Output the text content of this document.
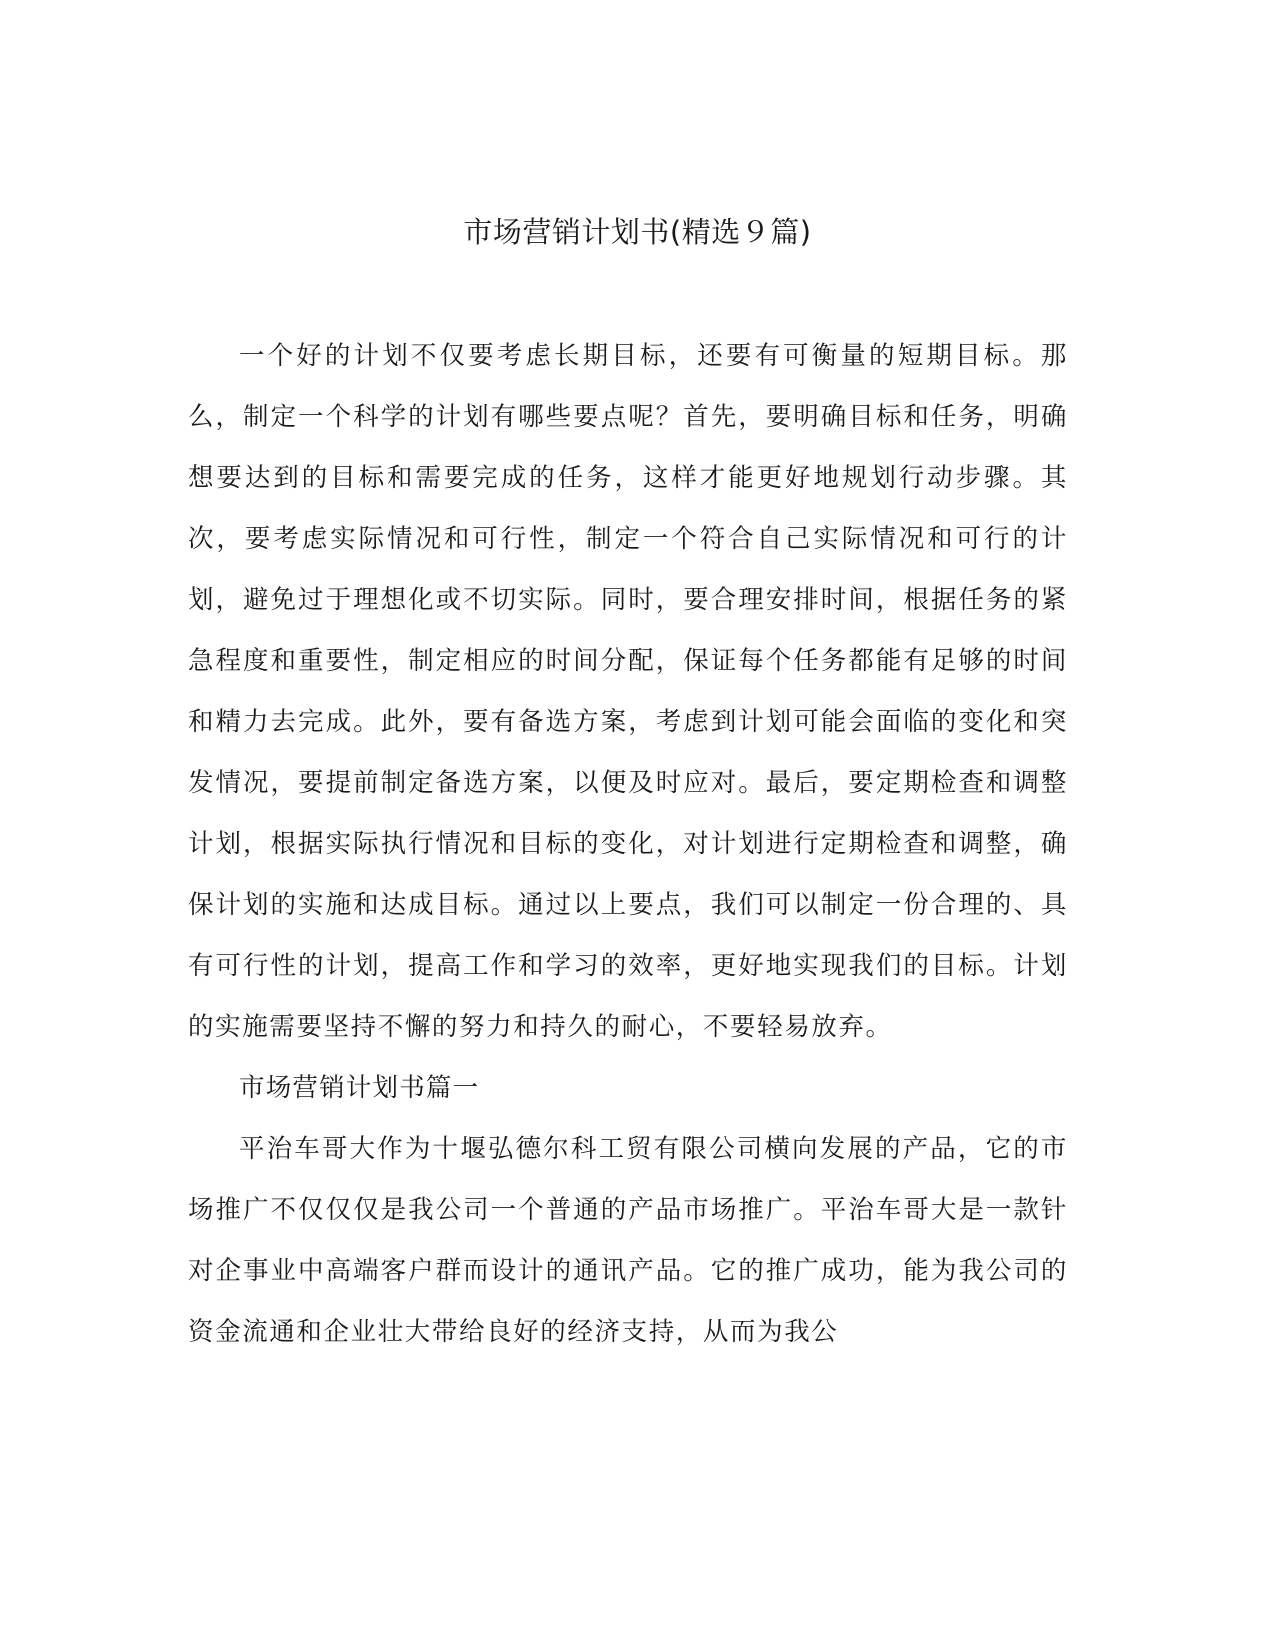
市场营销计划书(精选９篇)

一个好的计划不仅要考虑长期目标，还要有可衡量的短期目标。那么，制定一个科学的计划有哪些要点呢？首先，要明确目标和任务，明确想要达到的目标和需要完成的任务，这样才能更好地规划行动步骤。其次，要考虑实际情况和可行性，制定一个符合自己实际情况和可行的计划，避免过于理想化或不切实际。同时，要合理安排时间，根据任务的紧急程度和重要性，制定相应的时间分配，保证每个任务都能有足够的时间和精力去完成。此外，要有备选方案，考虑到计划可能会面临的变化和突发情况，要提前制定备选方案，以便及时应对。最后，要定期检查和调整计划，根据实际执行情况和目标的变化，对计划进行定期检查和调整，确保计划的实施和达成目标。通过以上要点，我们可以制定一份合理的、具有可行性的计划，提高工作和学习的效率，更好地实现我们的目标。计划的实施需要坚持不懈的努力和持久的耐心，不要轻易放弃。

市场营销计划书篇一

平治车哥大作为十堰弘德尔科工贸有限公司横向发展的产品，它的市场推广不仅仅仅是我公司一个普通的产品市场推广。平治车哥大是一款针对企事业中高端客户群而设计的通讯产品。它的推广成功，能为我公司的资金流通和企业壮大带给良好的经济支持，从而为我公
